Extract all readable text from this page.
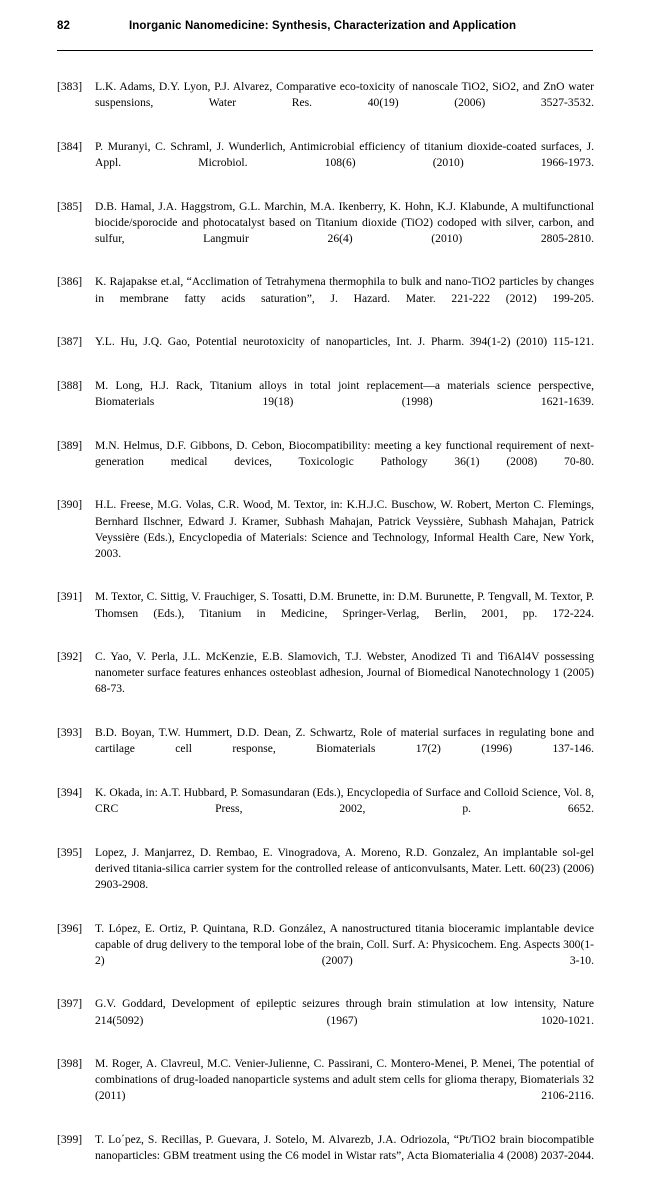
82	Inorganic Nanomedicine: Synthesis, Characterization and Application
[383]	L.K. Adams, D.Y. Lyon, P.J. Alvarez, Comparative eco-toxicity of nanoscale TiO2, SiO2, and ZnO water suspensions, Water Res. 40(19) (2006) 3527-3532.
[384]	P. Muranyi, C. Schraml, J. Wunderlich, Antimicrobial efficiency of titanium dioxide-coated surfaces, J. Appl. Microbiol. 108(6) (2010) 1966-1973.
[385]	D.B. Hamal, J.A. Haggstrom, G.L. Marchin, M.A. Ikenberry, K. Hohn, K.J. Klabunde, A multifunctional biocide/sporocide and photocatalyst based on Titanium dioxide (TiO2) codoped with silver, carbon, and sulfur, Langmuir 26(4) (2010) 2805-2810.
[386]	K. Rajapakse et.al, “Acclimation of Tetrahymena thermophila to bulk and nano-TiO2 particles by changes in membrane fatty acids saturation”, J. Hazard. Mater. 221-222 (2012) 199-205.
[387]	Y.L. Hu, J.Q. Gao, Potential neurotoxicity of nanoparticles, Int. J. Pharm. 394(1-2) (2010) 115-121.
[388]	M. Long, H.J. Rack, Titanium alloys in total joint replacement—a materials science perspective, Biomaterials 19(18) (1998) 1621-1639.
[389]	M.N. Helmus, D.F. Gibbons, D. Cebon, Biocompatibility: meeting a key functional requirement of next-generation medical devices, Toxicologic Pathology 36(1) (2008) 70-80.
[390]	H.L. Freese, M.G. Volas, C.R. Wood, M. Textor, in: K.H.J.C. Buschow, W. Robert, Merton C. Flemings, Bernhard Ilschner, Edward J. Kramer, Subhash Mahajan, Patrick Veyssière, Subhash Mahajan, Patrick Veyssière (Eds.), Encyclopedia of Materials: Science and Technology, Informal Health Care, New York, 2003.
[391]	M. Textor, C. Sittig, V. Frauchiger, S. Tosatti, D.M. Brunette, in: D.M. Burunette, P. Tengvall, M. Textor, P. Thomsen (Eds.), Titanium in Medicine, Springer-Verlag, Berlin, 2001, pp. 172-224.
[392]	C. Yao, V. Perla, J.L. McKenzie, E.B. Slamovich, T.J. Webster, Anodized Ti and Ti6Al4V possessing nanometer surface features enhances osteoblast adhesion, Journal of Biomedical Nanotechnology 1 (2005) 68-73.
[393]	B.D. Boyan, T.W. Hummert, D.D. Dean, Z. Schwartz, Role of material surfaces in regulating bone and cartilage cell response, Biomaterials 17(2) (1996) 137-146.
[394]	K. Okada, in: A.T. Hubbard, P. Somasundaran (Eds.), Encyclopedia of Surface and Colloid Science, Vol. 8, CRC Press, 2002, p. 6652.
[395]	Lopez, J. Manjarrez, D. Rembao, E. Vinogradova, A. Moreno, R.D. Gonzalez, An implantable sol-gel derived titania-silica carrier system for the controlled release of anticonvulsants, Mater. Lett. 60(23) (2006) 2903-2908.
[396]	T. López, E. Ortiz, P. Quintana, R.D. González, A nanostructured titania bioceramic implantable device capable of drug delivery to the temporal lobe of the brain, Coll. Surf. A: Physicochem. Eng. Aspects 300(1-2) (2007) 3-10.
[397]	G.V. Goddard, Development of epileptic seizures through brain stimulation at low intensity, Nature 214(5092) (1967) 1020-1021.
[398]	M. Roger, A. Clavreul, M.C. Venier-Julienne, C. Passirani, C. Montero-Menei, P. Menei, The potential of combinations of drug-loaded nanoparticle systems and adult stem cells for glioma therapy, Biomaterials 32 (2011) 2106-2116.
[399]	T. Lo´pez, S. Recillas, P. Guevara, J. Sotelo, M. Alvarezb, J.A. Odriozola, “Pt/TiO2 brain biocompatible nanoparticles: GBM treatment using the C6 model in Wistar rats”, Acta Biomaterialia 4 (2008) 2037-2044.
